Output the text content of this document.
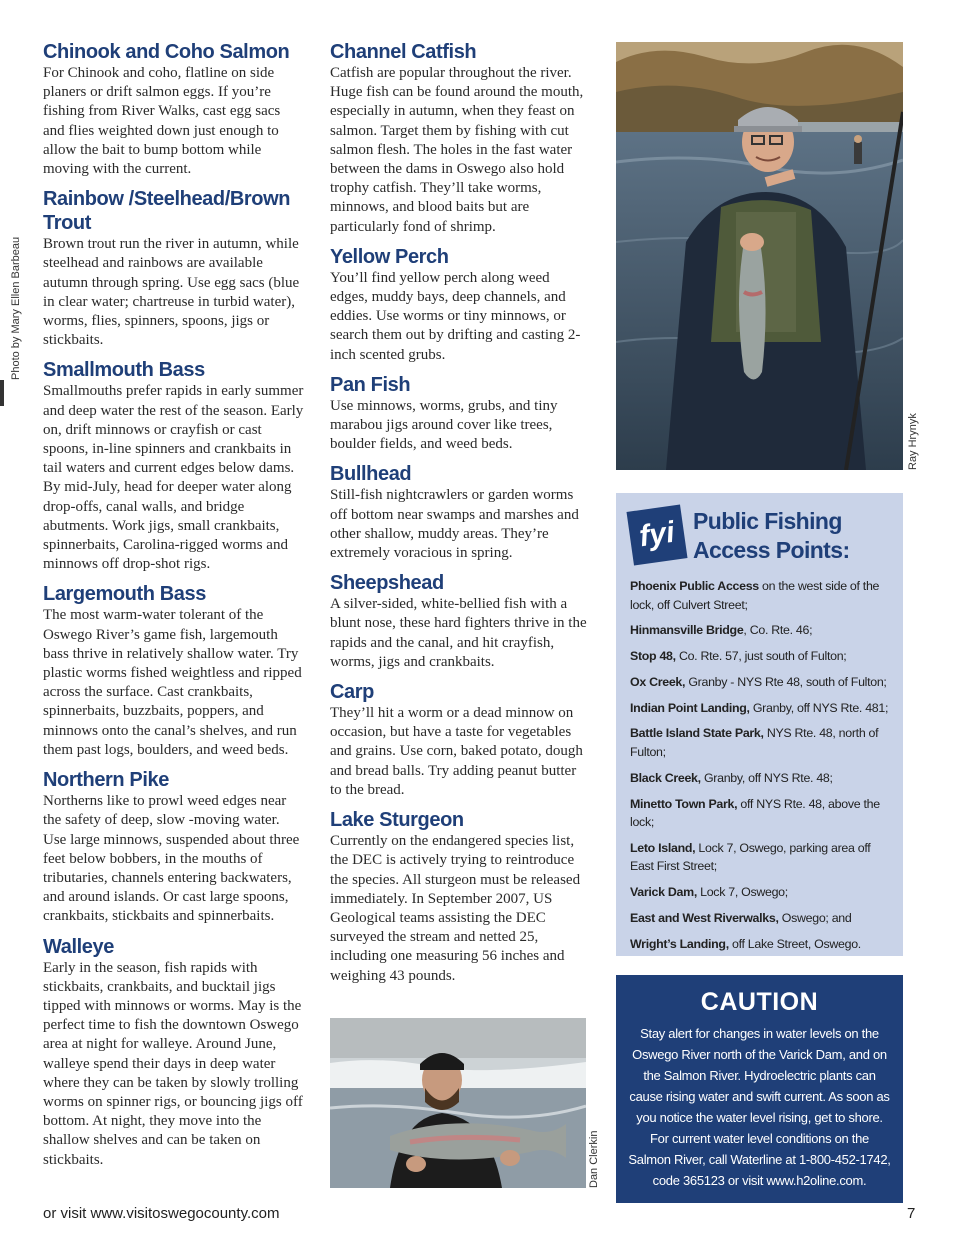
Chinook and Coho Salmon

For Chinook and coho, flatline on side planers or drift salmon eggs. If you’re fishing from River Walks, cast egg sacs and flies weighted down just enough to allow the bait to bump bottom while moving with the current.

Rainbow /Steelhead/Brown Trout

Brown trout run the river in autumn, while steelhead and rainbows are available autumn through spring. Use egg sacs (blue in clear water; chartreuse in turbid water), worms, flies, spinners, spoons, jigs or stickbaits.

Smallmouth Bass

Smallmouths prefer rapids in early summer and deep water the rest of the season. Early on, drift minnows or crayfish or cast spoons, in-line spinners and crankbaits in tail waters and current edges below dams. By mid-July, head for deeper water along drop-offs, canal walls, and bridge abutments. Work jigs, small crankbaits, spinnerbaits, Carolina-rigged worms and minnows off drop-shot rigs.

Largemouth Bass

The most warm-water tolerant of the Oswego River’s game fish, largemouth bass thrive in relatively shallow water. Try plastic worms fished weightless and ripped across the surface. Cast crankbaits, spinnerbaits, buzzbaits, poppers, and minnows onto the canal’s shelves, and run them past logs, boulders, and weed beds.

Northern Pike

Northerns like to prowl weed edges near the safety of deep, slow -moving water. Use large minnows, suspended about three feet below bobbers, in the mouths of tributaries, channels entering backwaters, and around islands. Or cast large spoons, crankbaits, stickbaits and spinnerbaits.

Walleye

Early in the season, fish rapids with stickbaits, crankbaits, and bucktail jigs tipped with minnows or worms. May is the perfect time to fish the downtown Oswego area at night for walleye. Around June, walleye spend their days in deep water where they can be taken by slowly trolling worms on spinner rigs, or bouncing jigs off bottom. At night, they move into the shallow shelves and can be taken on stickbaits.

Channel Catfish

Catfish are popular throughout the river. Huge fish can be found around the mouth, especially in autumn, when they feast on salmon. Target them by fishing with cut salmon flesh. The holes in the fast water between the dams in Oswego also hold trophy catfish. They’ll take worms, minnows, and blood baits but are particularly fond of shrimp.

Yellow Perch

You’ll find yellow perch along weed edges, muddy bays, deep channels, and eddies. Use worms or tiny minnows, or search them out by drifting and casting 2-inch scented grubs.

Pan Fish

Use minnows, worms, grubs, and tiny marabou jigs around cover like trees, boulder fields, and weed beds.

Bullhead

Still-fish nightcrawlers or garden worms off bottom near swamps and marshes and other shallow, muddy areas. They’re extremely voracious in spring.

Sheepshead

A silver-sided, white-bellied fish with a blunt nose, these hard fighters thrive in the rapids and the canal, and hit crayfish, worms, jigs and crankbaits.

Carp

They’ll hit a worm or a dead minnow on occasion, but have a taste for vegetables and grains. Use corn, baked potato, dough and bread balls. Try adding peanut butter to the bread.

Lake Sturgeon

Currently on the endangered species list, the DEC is actively trying to reintroduce the species. All sturgeon must be released immediately. In September 2007, US Geological teams assisting the DEC surveyed the stream and netted 25, including one measuring 56 inches and weighing 43 pounds.

Photo by Mary Ellen Barbeau
Ray Hrynyk
Dan Clerkin
fyi Public Fishing
Access Points:
Phoenix Public Access on the west side of the lock, off Culvert Street;
Hinmansville Bridge, Co. Rte. 46;
Stop 48, Co. Rte. 57, just south of Fulton;
Ox Creek, Granby - NYS Rte 48, south of Fulton;
Indian Point Landing, Granby, off NYS Rte. 481;
Battle Island State Park, NYS Rte. 48, north of Fulton;
Black Creek, Granby, off NYS Rte. 48;
Minetto Town Park, off NYS Rte. 48, above the lock;
Leto Island, Lock 7, Oswego, parking area off East First Street;
Varick Dam, Lock 7, Oswego;
East and West Riverwalks, Oswego; and
Wright’s Landing, off Lake Street, Oswego.
CAUTION

Stay alert for changes in water levels on the Oswego River north of the Varick Dam, and on the Salmon River. Hydroelectric plants can cause rising water and swift current. As soon as you notice the water level rising, get to shore. For current water level conditions on the Salmon River, call Waterline at 1-800-452-1742, code 365123 or visit www.h2oline.com.

or visit www.visitoswegocounty.com	7
